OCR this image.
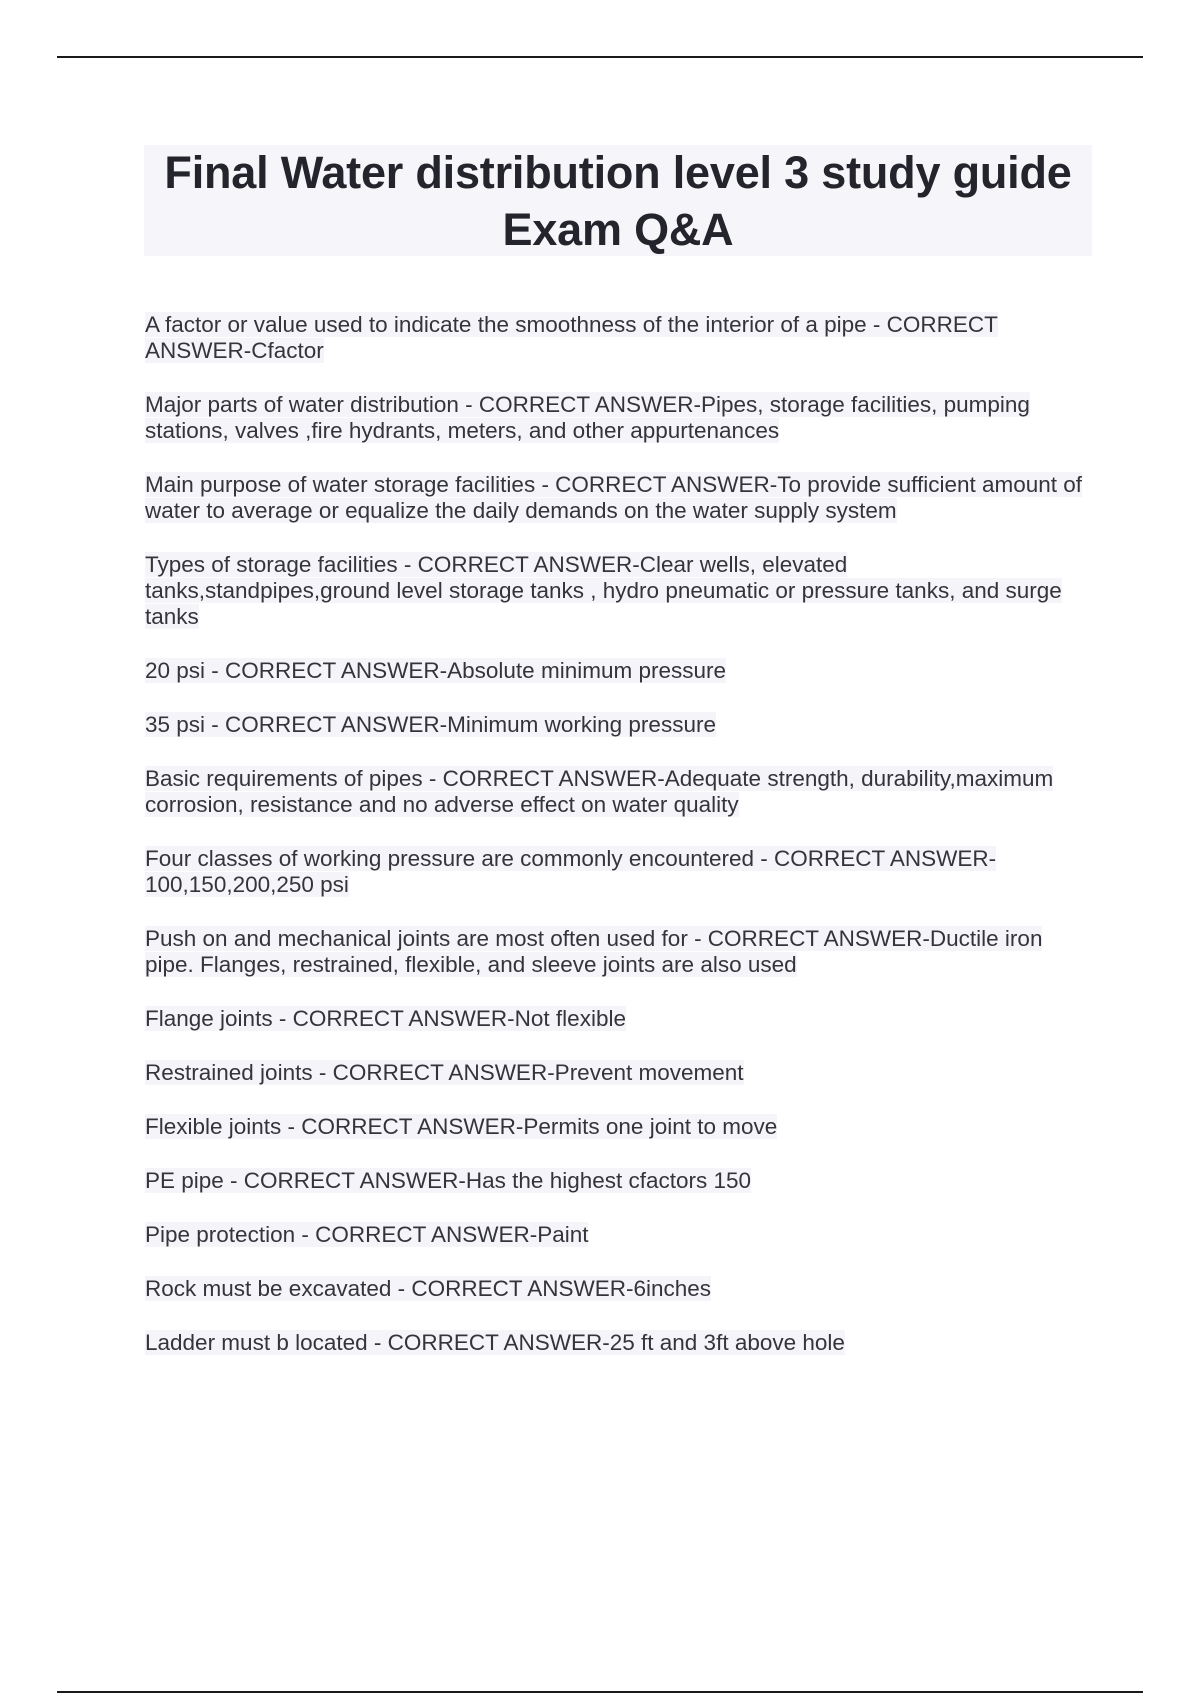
Final Water distribution level 3 study guide Exam Q&A
A factor or value used to indicate the smoothness of the interior of a pipe - CORRECT ANSWER-Cfactor
Major parts of water distribution - CORRECT ANSWER-Pipes, storage facilities, pumping stations, valves ,fire hydrants, meters, and other appurtenances
Main purpose of water storage facilities - CORRECT ANSWER-To provide sufficient amount of water to average or equalize the daily demands on the water supply system
Types of storage facilities - CORRECT ANSWER-Clear wells, elevated tanks,standpipes,ground level storage tanks , hydro pneumatic or pressure tanks, and surge tanks
20 psi - CORRECT ANSWER-Absolute minimum pressure
35 psi - CORRECT ANSWER-Minimum working pressure
Basic requirements of pipes - CORRECT ANSWER-Adequate strength, durability,maximum corrosion, resistance and no adverse effect on water quality
Four classes of working pressure are commonly encountered - CORRECT ANSWER-100,150,200,250 psi
Push on and mechanical joints are most often used for - CORRECT ANSWER-Ductile iron pipe. Flanges, restrained, flexible, and sleeve joints are also used
Flange joints - CORRECT ANSWER-Not flexible
Restrained joints - CORRECT ANSWER-Prevent movement
Flexible joints - CORRECT ANSWER-Permits one joint to move
PE pipe - CORRECT ANSWER-Has the highest cfactors 150
Pipe protection - CORRECT ANSWER-Paint
Rock must be excavated - CORRECT ANSWER-6inches
Ladder must b located - CORRECT ANSWER-25 ft and 3ft above hole
